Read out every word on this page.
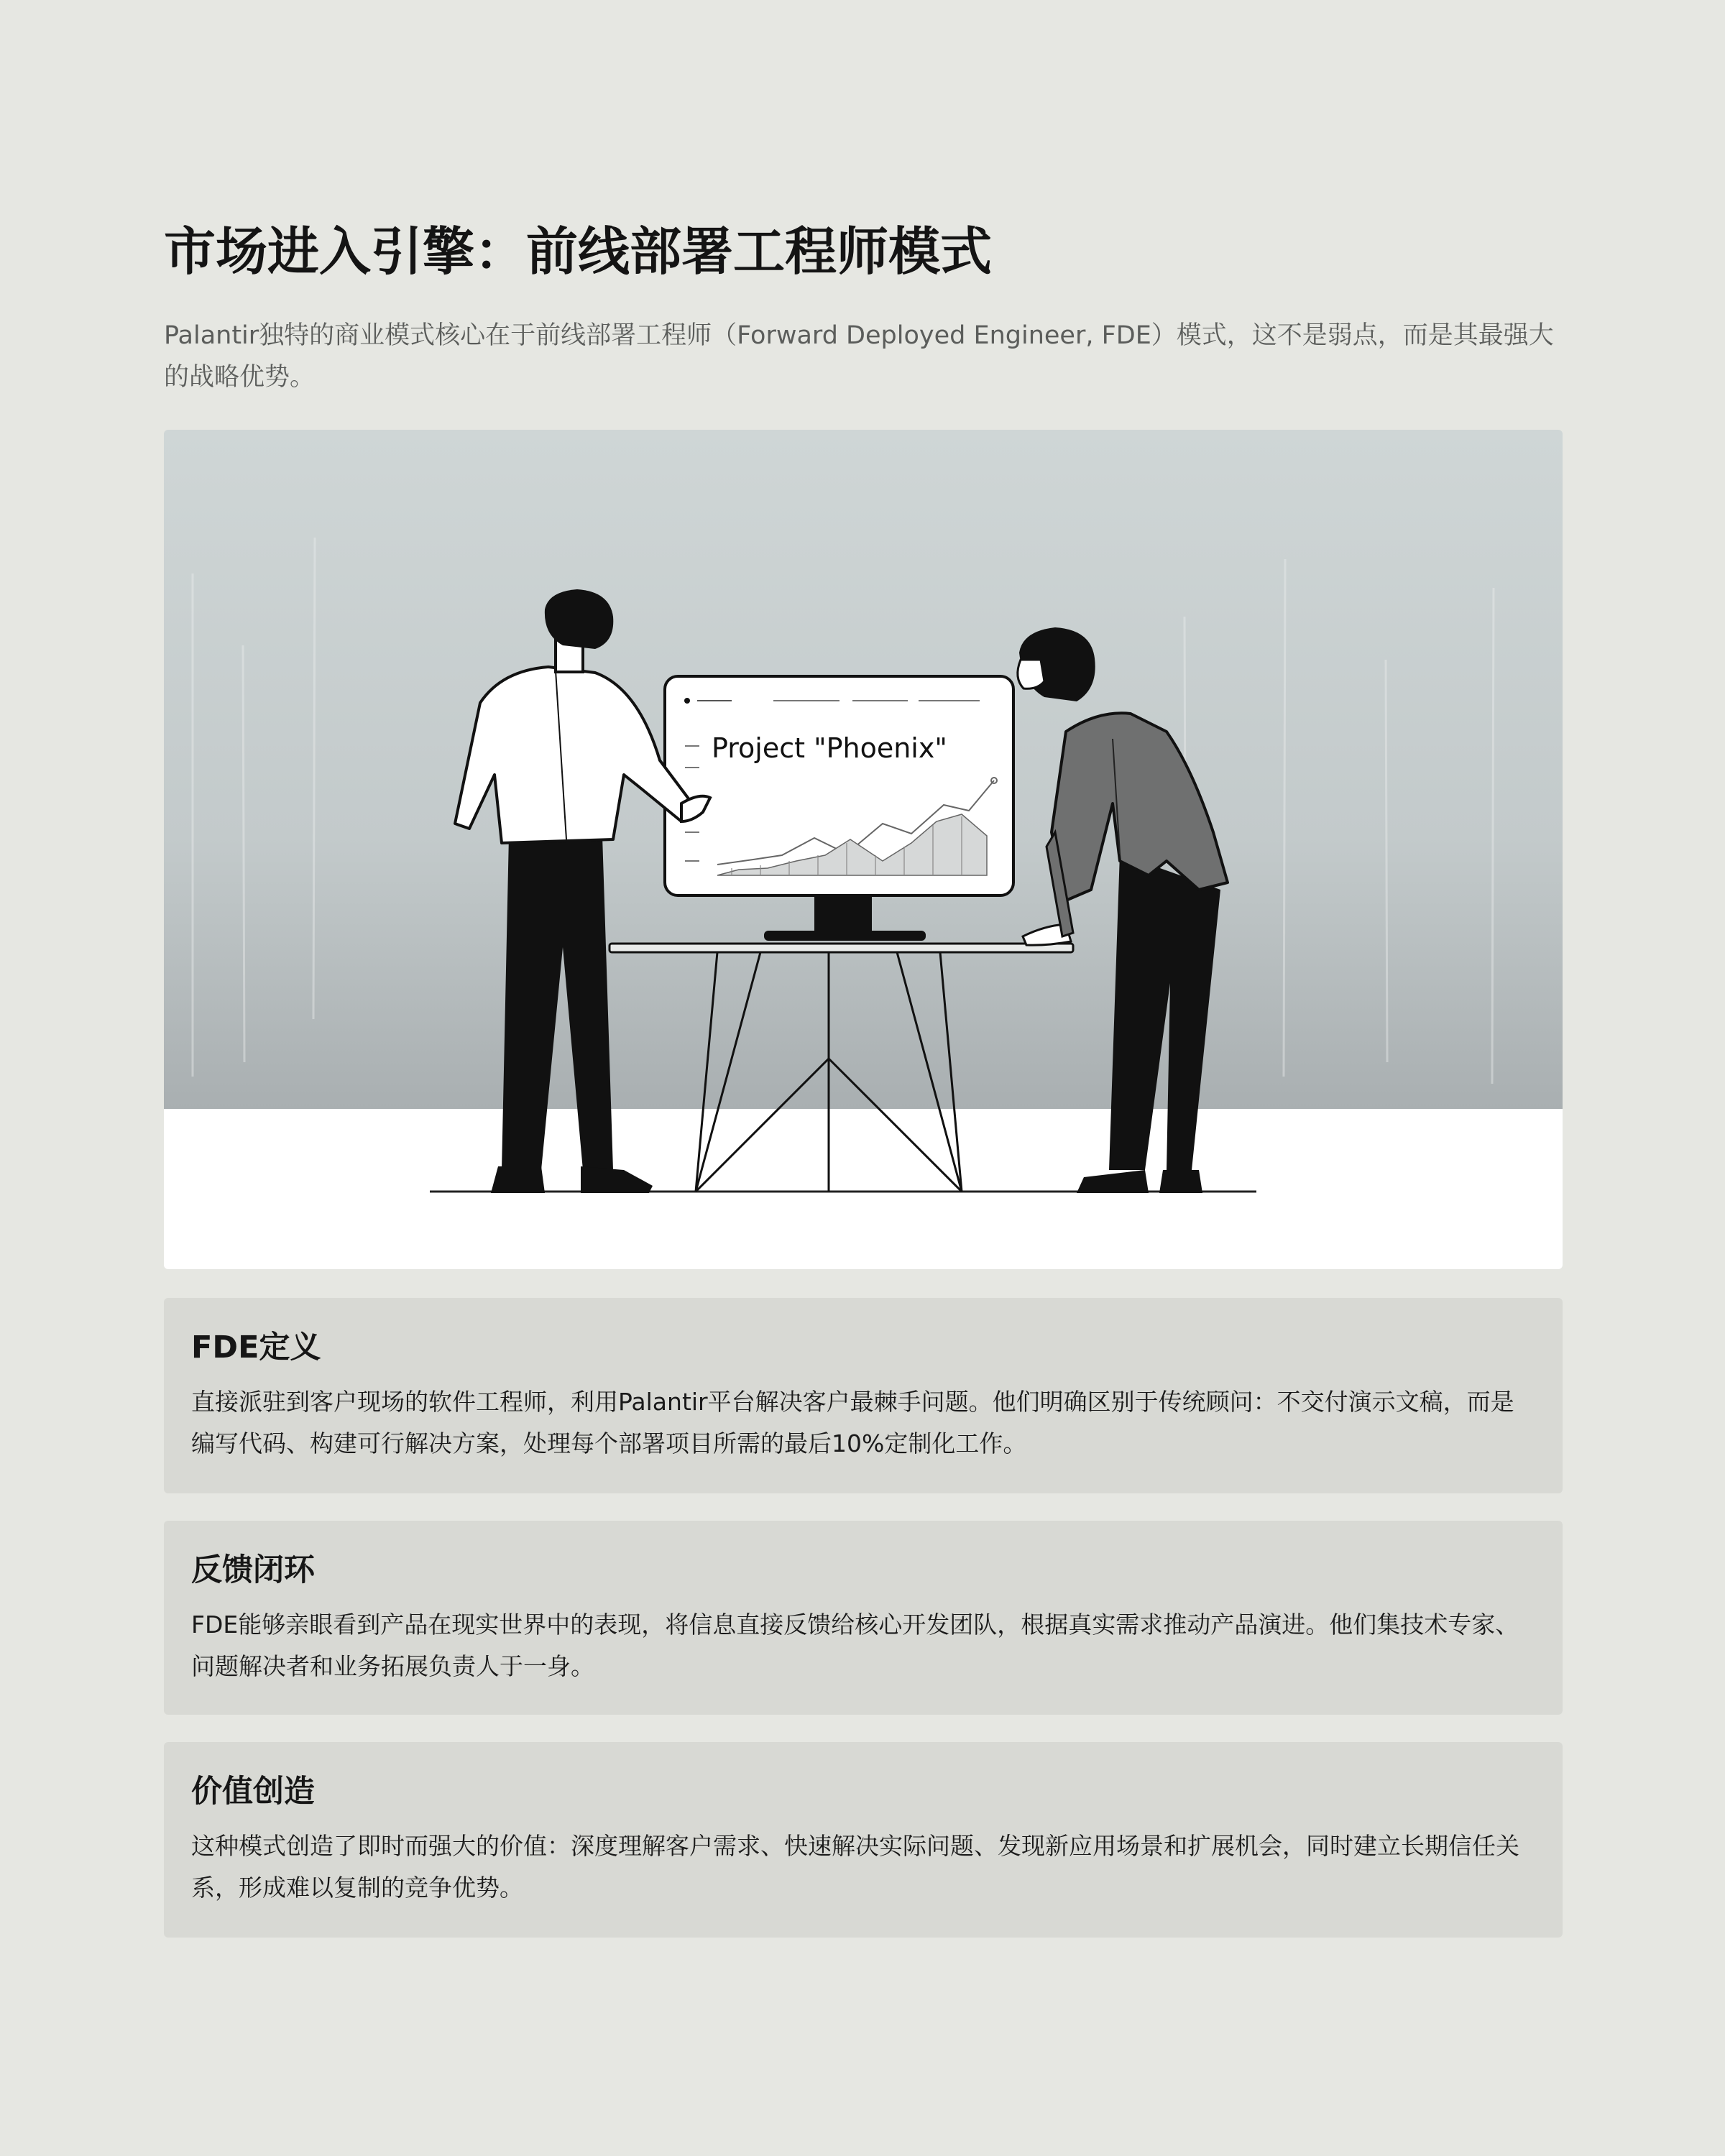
市场进入引擎：前线部署工程师模式

Palantir独特的商业模式核心在于前线部署工程师（Forward Deployed Engineer, FDE）模式，这不是弱点，而是其最强大的战略优势。

Project "Phoenix"
FDE定义

直接派驻到客户现场的软件工程师，利用Palantir平台解决客户最棘手问题。他们明确区别于传统顾问：不交付演示文稿，而是编写代码、构建可行解决方案，处理每个部署项目所需的最后10%定制化工作。

反馈闭环

FDE能够亲眼看到产品在现实世界中的表现，将信息直接反馈给核心开发团队，根据真实需求推动产品演进。他们集技术专家、问题解决者和业务拓展负责人于一身。

价值创造

这种模式创造了即时而强大的价值：深度理解客户需求、快速解决实际问题、发现新应用场景和扩展机会，同时建立长期信任关系，形成难以复制的竞争优势。
